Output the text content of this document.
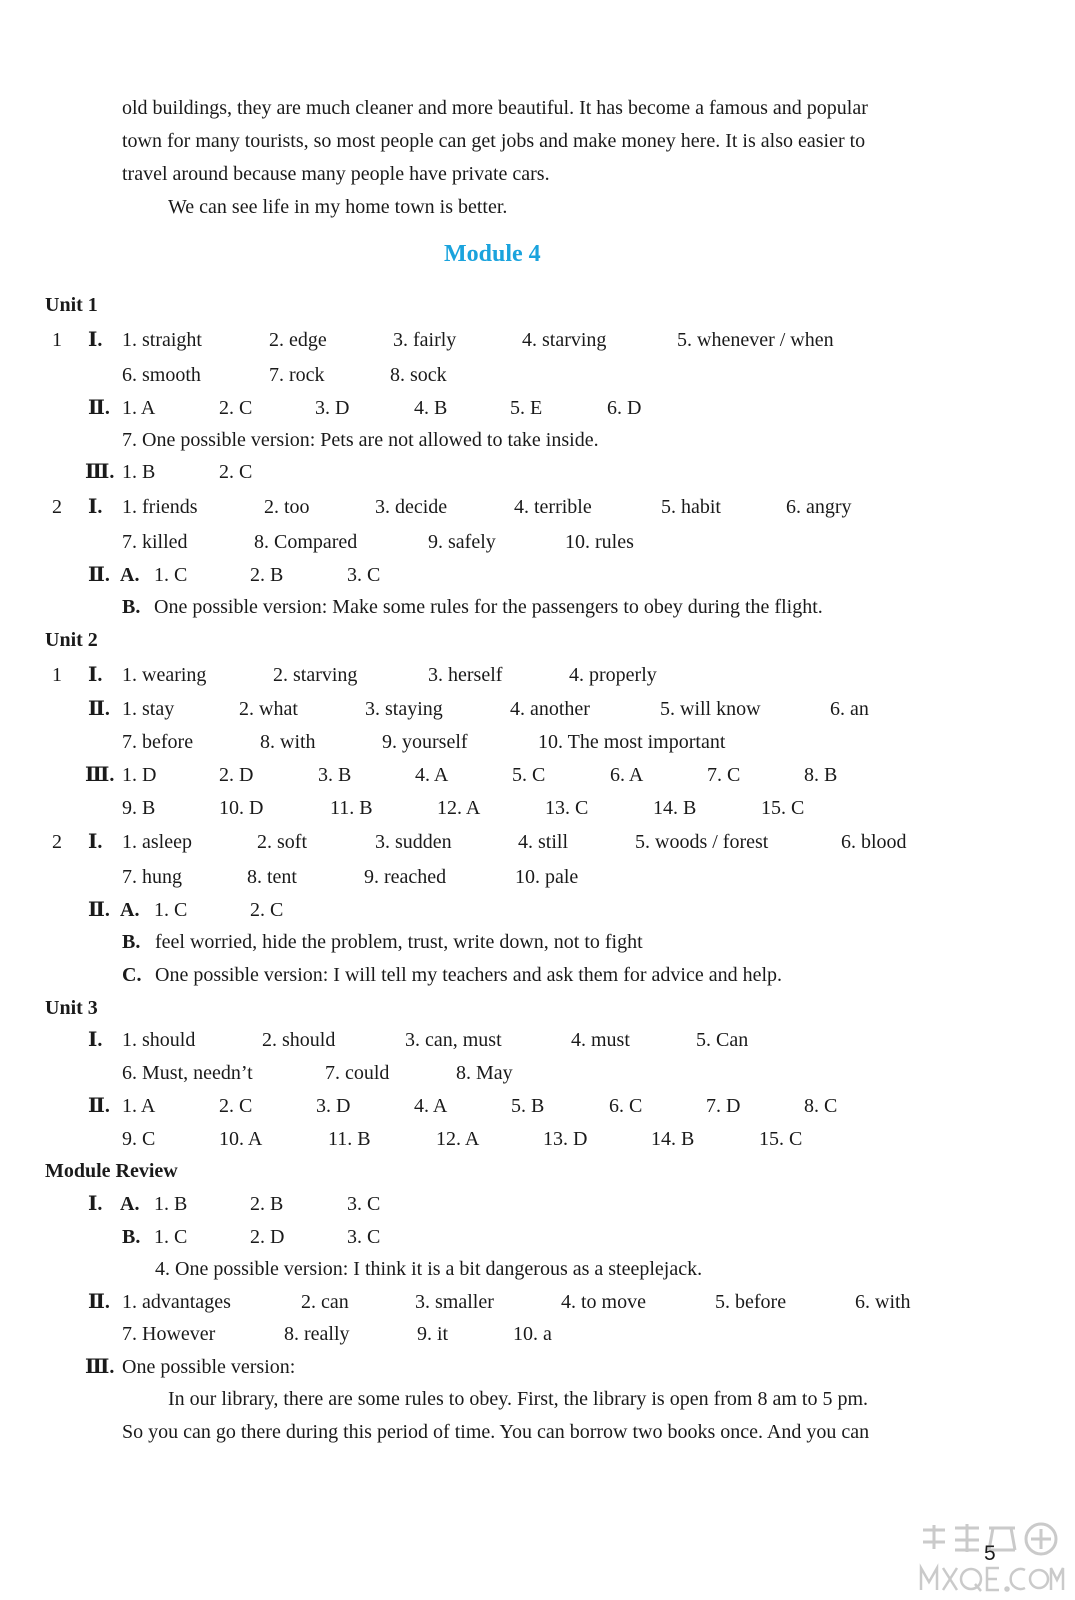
old buildings, they are much cleaner and more beautiful. It has become a famous and popular
town for many tourists, so most people can get jobs and make money here. It is also easier to
travel around because many people have private cars.
We can see life in my home town is better.
Module 4
Unit 1
1 Ⅰ. 1. straight	2. edge	3. fairly	4. starving	5. whenever / when
6. smooth	7. rock	8. sock
Ⅱ. 1. A	2. C	3. D	4. B	5. E	6. D
7. One possible version: Pets are not allowed to take inside.
Ⅲ. 1. B	2. C
2 Ⅰ. 1. friends	2. too	3. decide	4. terrible	5. habit	6. angry
7. killed	8. Compared	9. safely	10. rules
Ⅱ. A. 1. C	2. B	3. C
B. One possible version: Make some rules for the passengers to obey during the flight.
Unit 2
1 Ⅰ. 1. wearing	2. starving	3. herself	4. properly
Ⅱ. 1. stay	2. what	3. staying	4. another	5. will know	6. an
7. before	8. with	9. yourself	10. The most important
Ⅲ. 1. D	2. D	3. B	4. A	5. C	6. A	7. C	8. B
9. B	10. D	11. B	12. A	13. C	14. B	15. C
2 Ⅰ. 1. asleep	2. soft	3. sudden	4. still	5. woods / forest	6. blood
7. hung	8. tent	9. reached	10. pale
Ⅱ. A. 1. C	2. C
B. feel worried, hide the problem, trust, write down, not to fight
C. One possible version: I will tell my teachers and ask them for advice and help.
Unit 3
Ⅰ. 1. should	2. should	3. can, must	4. must	5. Can
6. Must, needn’t	7. could	8. May
Ⅱ. 1. A	2. C	3. D	4. A	5. B	6. C	7. D	8. C
9. C	10. A	11. B	12. A	13. D	14. B	15. C
Module Review
Ⅰ. A. 1. B	2. B	3. C
B. 1. C	2. D	3. C
4. One possible version: I think it is a bit dangerous as a steeplejack.
Ⅱ. 1. advantages	2. can	3. smaller	4. to move	5. before	6. with
7. However	8. really	9. it	10. a
Ⅲ. One possible version:
In our library, there are some rules to obey. First, the library is open from 8 am to 5 pm.
So you can go there during this period of time. You can borrow two books once. And you can
5
